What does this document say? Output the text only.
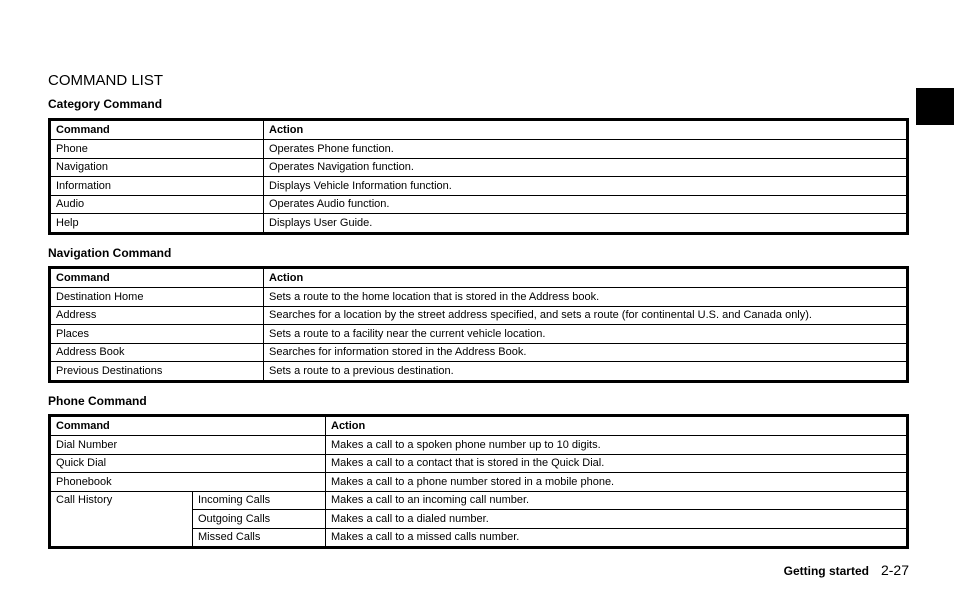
COMMAND LIST
Category Command
Command	Action
Phone	Operates Phone function.
Navigation	Operates Navigation function.
Information	Displays Vehicle Information function.
Audio	Operates Audio function.
Help	Displays User Guide.
Navigation Command
Command	Action
Destination Home	Sets a route to the home location that is stored in the Address book.
Address	Searches for a location by the street address specified, and sets a route (for continental U.S. and Canada only).
Places	Sets a route to a facility near the current vehicle location.
Address Book	Searches for information stored in the Address Book.
Previous Destinations	Sets a route to a previous destination.
Phone Command
Command		Action
Dial Number		Makes a call to a spoken phone number up to 10 digits.
Quick Dial		Makes a call to a contact that is stored in the Quick Dial.
Phonebook		Makes a call to a phone number stored in a mobile phone.
Call History	Incoming Calls	Makes a call to an incoming call number.
	Outgoing Calls	Makes a call to a dialed number.
	Missed Calls	Makes a call to a missed calls number.
Getting started 2-27
